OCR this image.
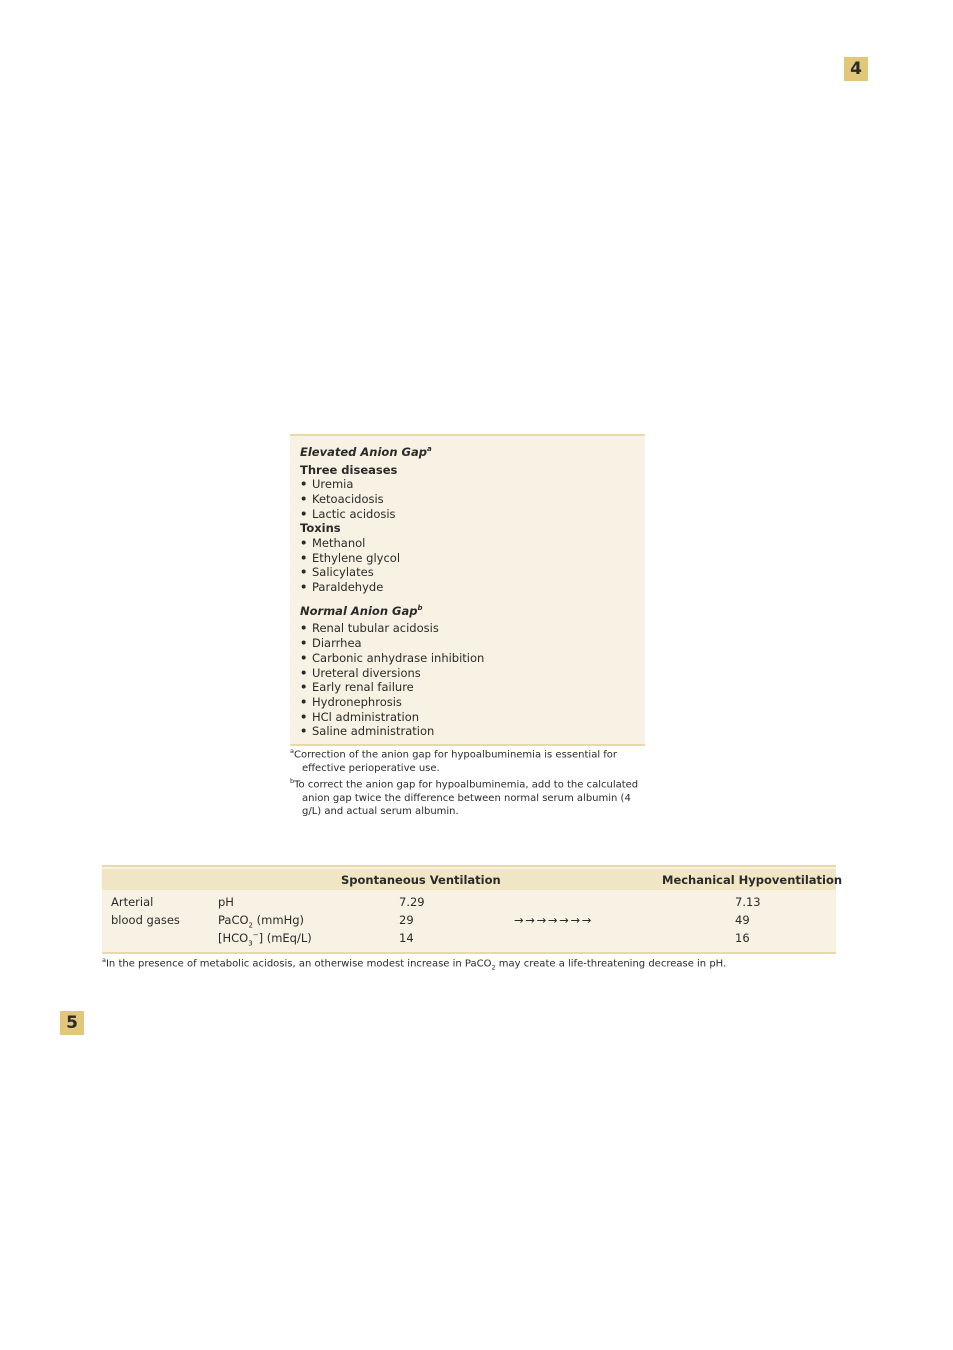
4
Elevated Anion Gap$^a$
Three diseases
• Uremia
• Ketoacidosis
• Lactic acidosis
Toxins
• Methanol
• Ethylene glycol
• Salicylates
• Paraldehyde
Normal Anion Gap$^b$
• Renal tubular acidosis
• Diarrhea
• Carbonic anhydrase inhibition
• Ureteral diversions
• Early renal failure
• Hydronephrosis
• HCl administration
• Saline administration
$^a$Correction of the anion gap for hypoalbuminemia is essential for effective perioperative use.
$^b$To correct the anion gap for hypoalbuminemia, add to the calculated anion gap twice the difference between normal serum albumin (4 g/L) and actual serum albumin.
Spontaneous Ventilation	Mechanical Hypoventilation
Arterial
blood gases
pH
PaCO$_2$ (mmHg)
$[HCO_3^-]$ (mEq/L)
7.29
29
14
→ → → → → → →
7.13
49
16
$^a$In the presence of metabolic acidosis, an otherwise modest increase in PaCO$_2$ may create a life-threatening decrease in pH.
5
